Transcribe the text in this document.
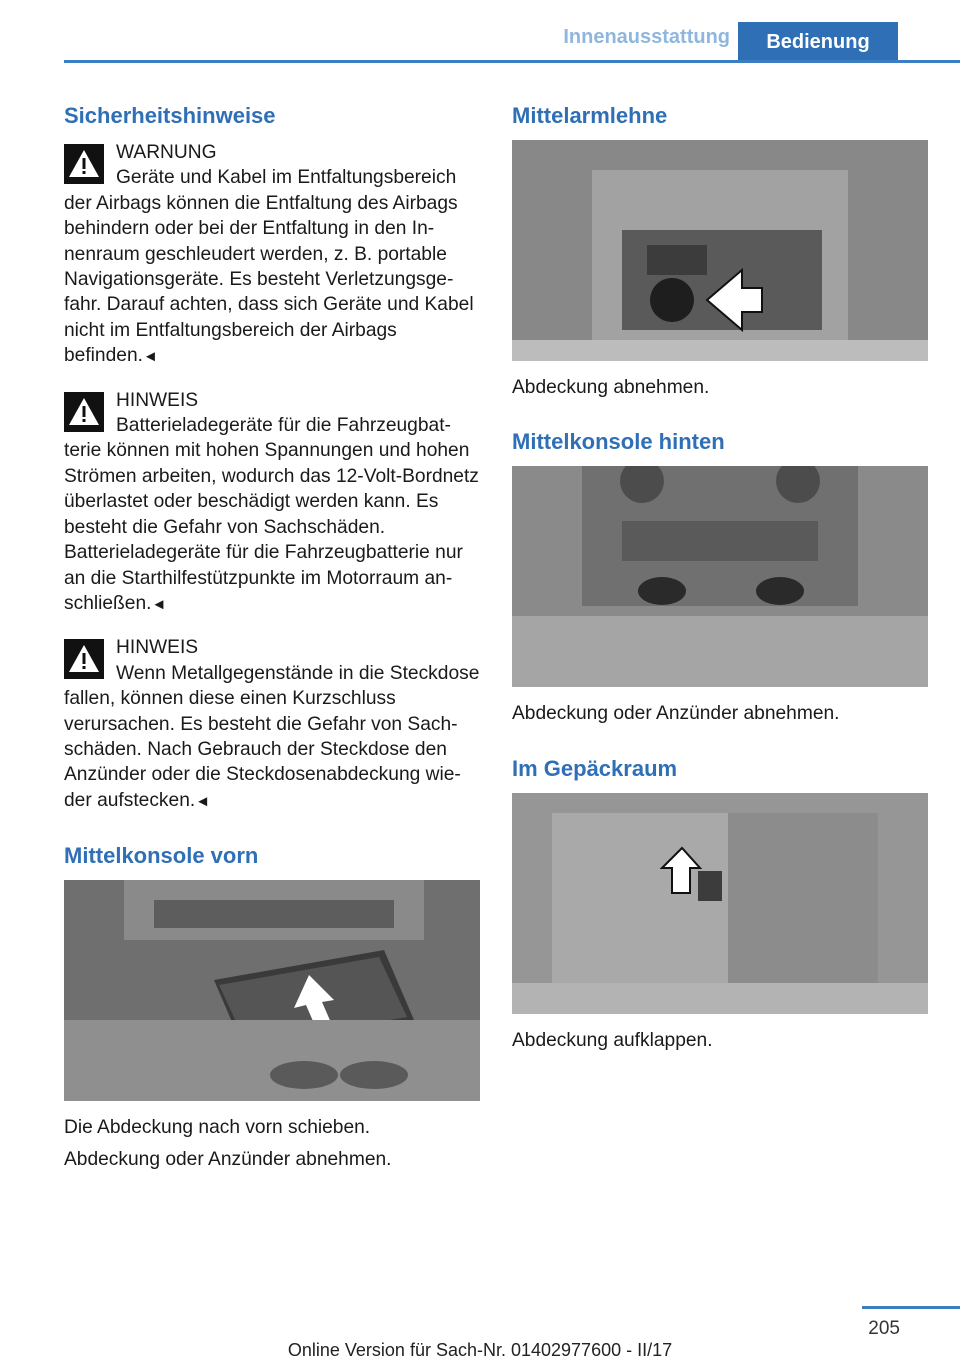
Innenausstattung	Bedienung
Sicherheitshinweise
WARNUNG

Geräte und Kabel im Entfaltungsbereich der Airbags können die Entfaltung des Airbags behindern oder bei der Entfaltung in den Innenraum geschleudert werden, z. B. portable Navigationsgeräte. Es besteht Verletzungsgefahr. Darauf achten, dass sich Geräte und Kabel nicht im Entfaltungsbereich der Airbags befinden.◄

HINWEIS

Batterieladegeräte für die Fahrzeugbatterie können mit hohen Spannungen und hohen Strömen arbeiten, wodurch das 12‑Volt-Bordnetz überlastet oder beschädigt werden kann. Es besteht die Gefahr von Sachschäden. Batterieladegeräte für die Fahrzeugbatterie nur an die Starthilfestützpunkte im Motorraum anschließen.◄

HINWEIS

Wenn Metallgegenstände in die Steckdose fallen, können diese einen Kurzschluss verursachen. Es besteht die Gefahr von Sachschäden. Nach Gebrauch der Steckdose den Anzünder oder die Steckdosenabdeckung wieder aufstecken.◄

Mittelkonsole vorn

Die Abdeckung nach vorn schieben.

Abdeckung oder Anzünder abnehmen.

Mittelarmlehne

Abdeckung abnehmen.

Mittelkonsole hinten

Abdeckung oder Anzünder abnehmen.

Im Gepäckraum

Abdeckung aufklappen.

205
Online Version für Sach-Nr. 01402977600 - II/17
